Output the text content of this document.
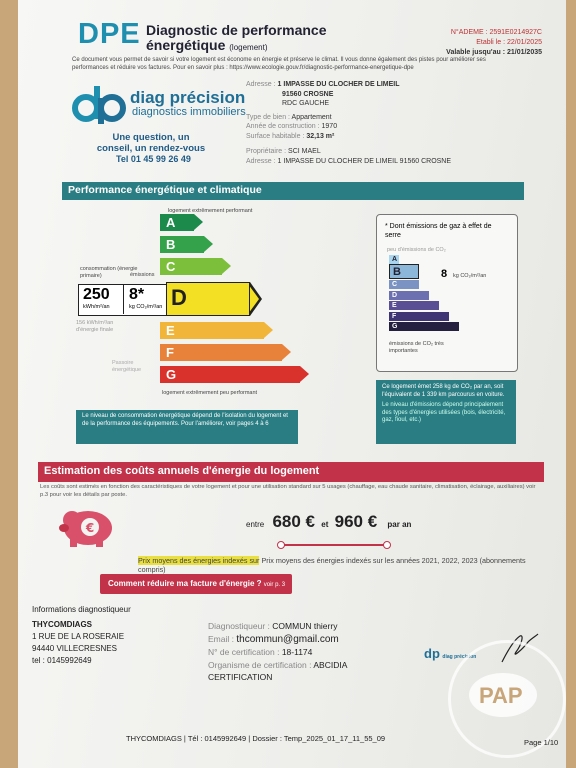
DPE Diagnostic de performance
énergétique (logement)
N°ADEME : 2591E0214927C
Etabli le : 22/01/2025
Valable jusqu'au : 21/01/2035
Ce document vous permet de savoir si votre logement est économe en énergie et préserve le climat. Il vous donne également des pistes pour améliorer ses performances et réduire vos factures. Pour en savoir plus : https://www.ecologie.gouv.fr/diagnostic-performance-energetique-dpe
diag précision
diagnostics immobiliers
Une question, un conseil, un rendez-vous
Tel 01 45 99 26 49
Adresse : 1 IMPASSE DU CLOCHER DE LIMEIL
91560 CROSNE
RDC GAUCHE
Type de bien : Appartement
Année de construction : 1970
Surface habitable : 32,13 m²
Propriétaire : SCI MAEL
Adresse : 1 IMPASSE DU CLOCHER DE LIMEIL 91560 CROSNE
Performance énergétique et climatique
logement extrêmement performant
consommation (énergie primaire)	émissions
A
B
C
E
F
G
250
kWh/m²/an
8*
kg CO₂/m²/an D
156 kWh/m²/an d'énergie finale
Passoire énergétique
logement extrêmement peu performant
Le niveau de consommation énergétique dépend de l'isolation du logement et de la performance des équipements. Pour l'améliorer, voir pages 4 à 6
* Dont émissions de gaz à effet de serre
peu d'émissions de CO₂
A
B
C
D
E
F
G
8 kg CO₂/m²/an
émissions de CO₂ très importantes
Ce logement émet 258 kg de CO₂ par an, soit l'équivalent de 1 339 km parcourus en voiture.
Le niveau d'émissions dépend principalement des types d'énergies utilisées (bois, électricité, gaz, fioul, etc.)
Estimation des coûts annuels d'énergie du logement
Les coûts sont estimés en fonction des caractéristiques de votre logement et pour une utilisation standard sur 5 usages (chauffage, eau chaude sanitaire, climatisation, éclairage, auxiliaires) voir p.3 pour voir les détails par poste.
€	entre 680 € et 960 € par an
Prix moyens des énergies indexés sur Prix moyens des énergies indexés sur les années 2021, 2022, 2023 (abonnements compris)
Comment réduire ma facture d'énergie ? voir p. 3
Informations diagnostiqueur
THYCOMDIAGS
1 RUE DE LA ROSERAIE
94440 VILLECRESNES
tel : 0145992649
Diagnostiqueur : COMMUN thierry
Email : thcommun@gmail.com
N° de certification : 18-1174
Organisme de certification : ABCIDIA
CERTIFICATION
dp diag précision
PAP
THYCOMDIAGS | Tél : 0145992649 | Dossier : Temp_2025_01_17_11_55_09	Page 1/10
